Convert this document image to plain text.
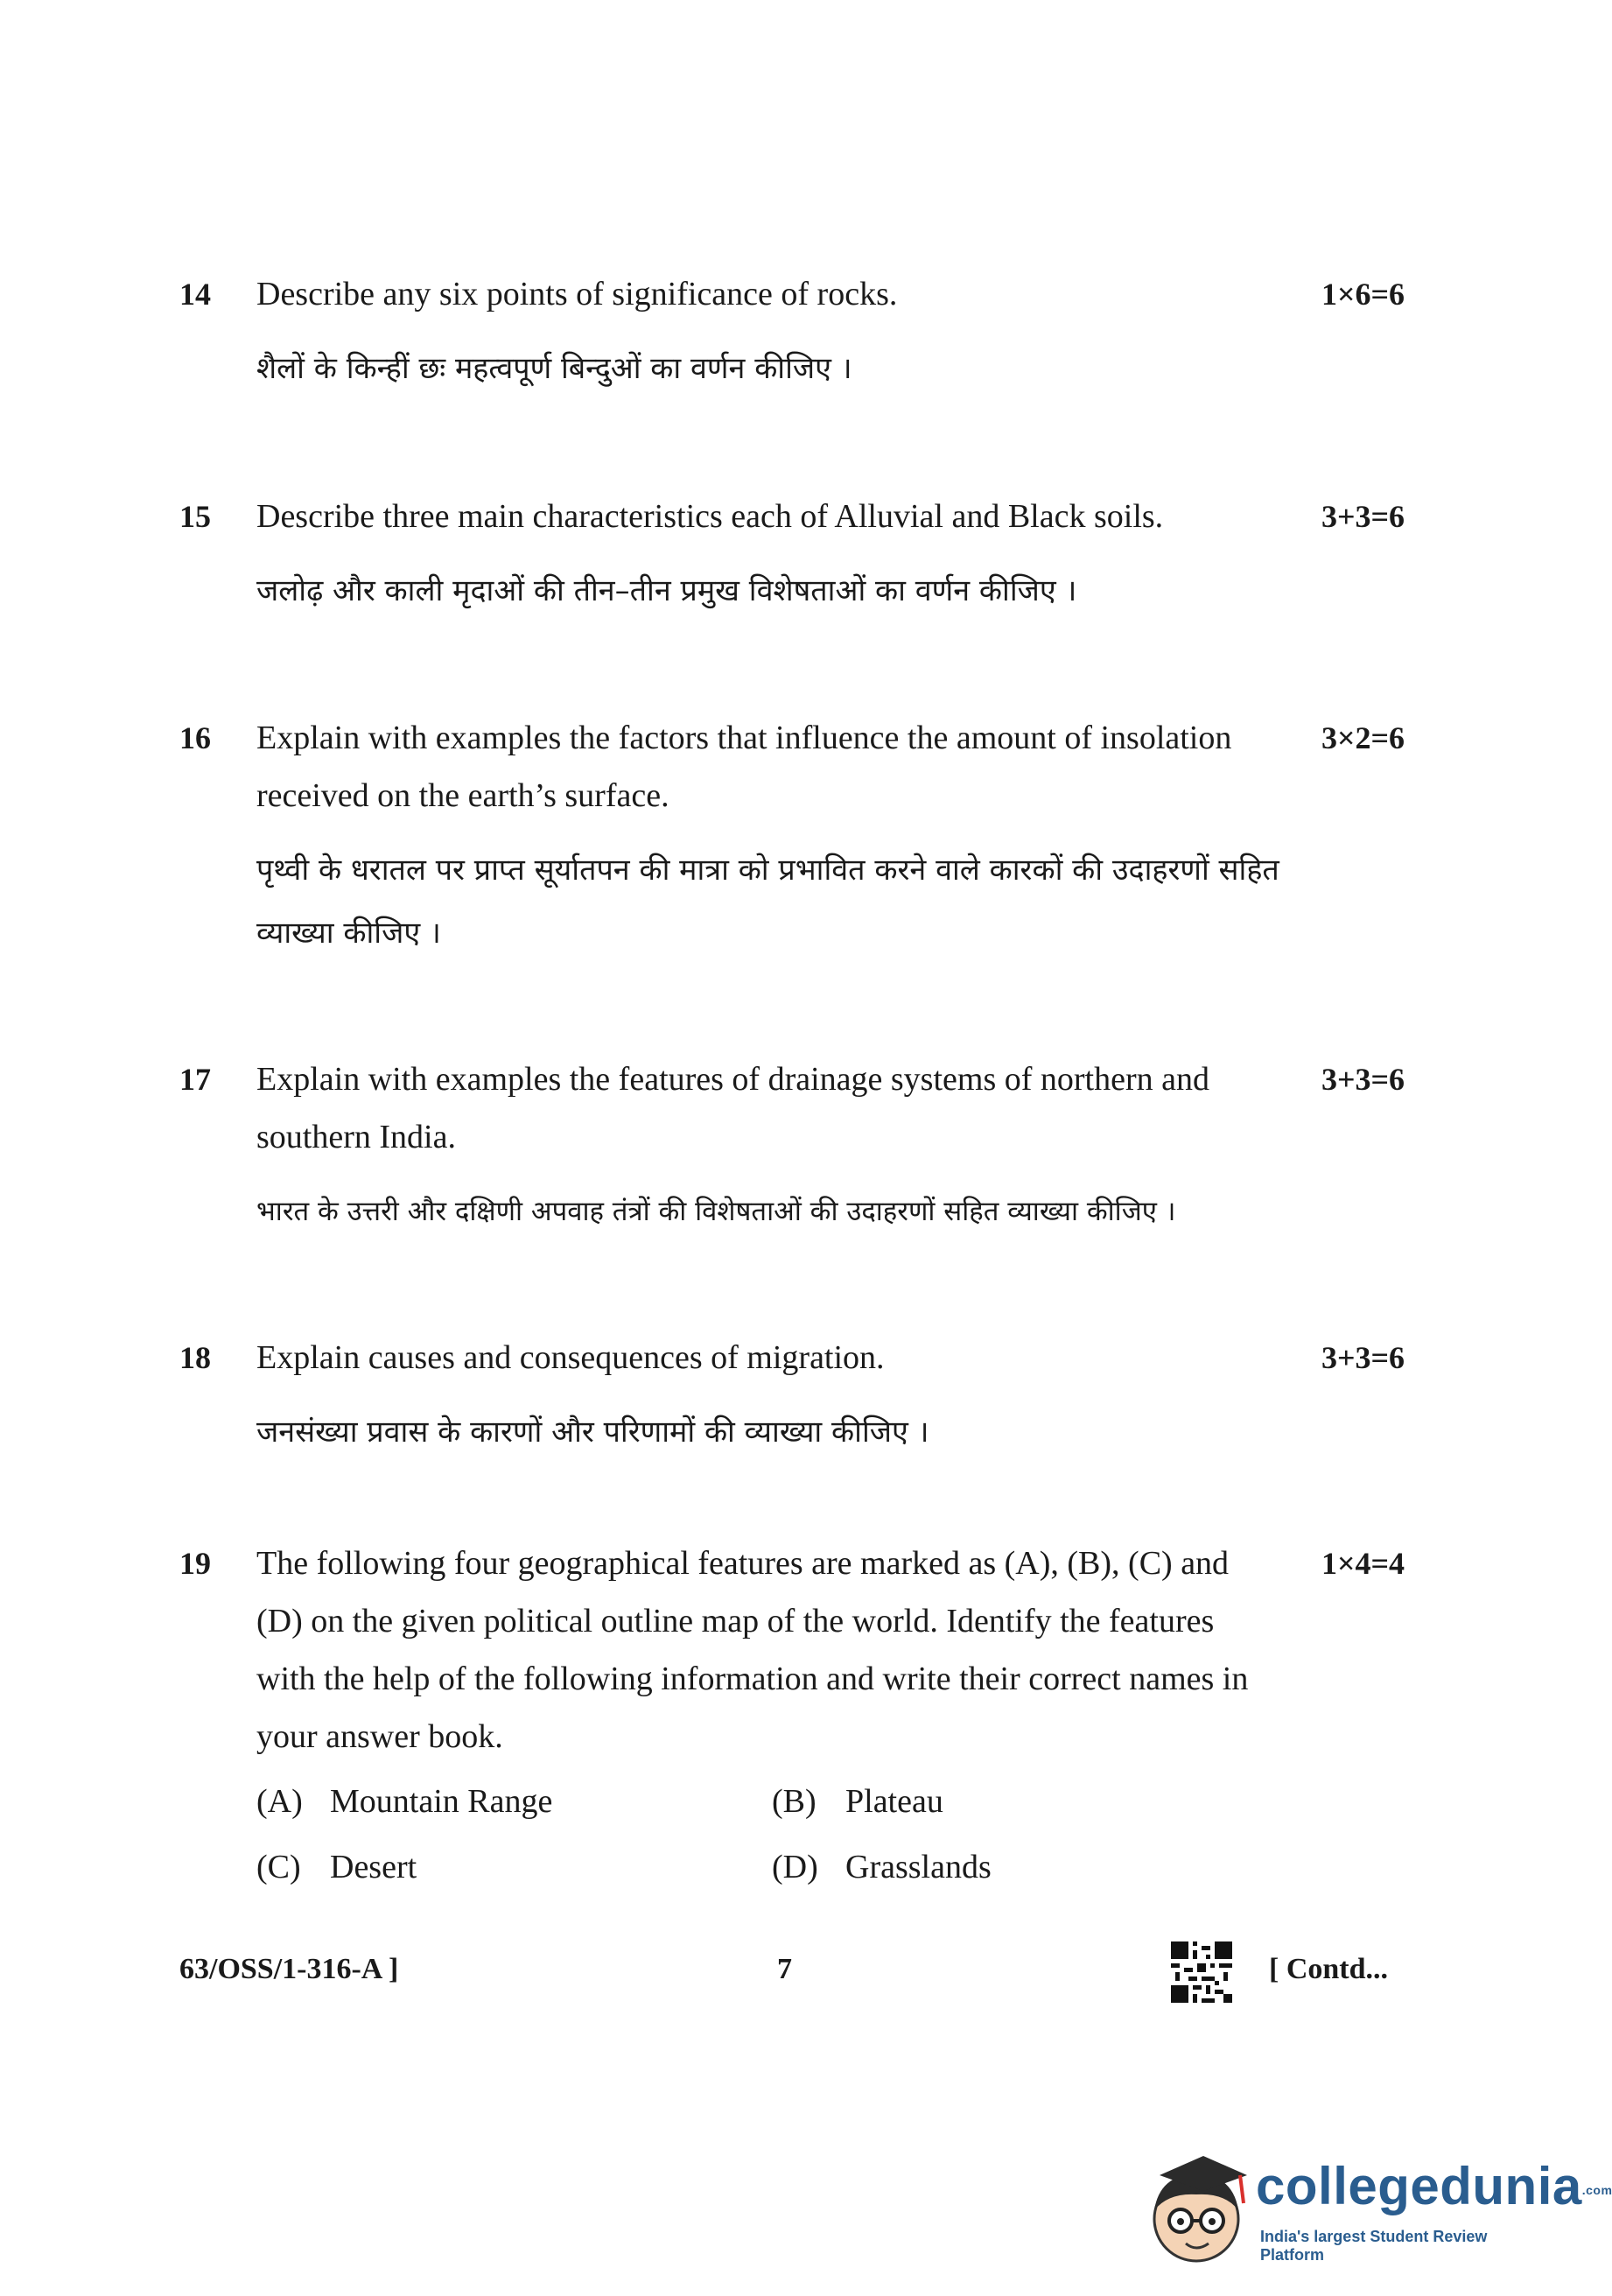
14 Describe any six points of significance of rocks.	1×6=6
शैलों के किन्हीं छः महत्वपूर्ण बिन्दुओं का वर्णन कीजिए ।
15 Describe three main characteristics each of Alluvial and Black soils.	3+3=6
जलोढ़ और काली मृदाओं की तीन–तीन प्रमुख विशेषताओं का वर्णन कीजिए ।
16 Explain with examples the factors that influence the amount of insolation received on the earth’s surface.
3×2=6
पृथ्वी के धरातल पर प्राप्त सूर्यातपन की मात्रा को प्रभावित करने वाले कारकों की उदाहरणों सहित व्याख्या कीजिए ।
17 Explain with examples the features of drainage systems of northern and southern India.
3+3=6
भारत के उत्तरी और दक्षिणी अपवाह तंत्रों की विशेषताओं की उदाहरणों सहित व्याख्या कीजिए ।
18 Explain causes and consequences of migration.	3+3=6
जनसंख्या प्रवास के कारणों और परिणामों की व्याख्या कीजिए ।
19 The following four geographical features are marked as (A), (B), (C) and (D) on the given political outline map of the world. Identify the features with the help of the following information and write their correct names in your answer book.
1×4=4
(A) Mountain Range	(B) Plateau
(C) Desert	(D) Grasslands
63/OSS/1-316-A ]	7	[ Contd...
collegedunia.com
India's largest Student Review Platform
